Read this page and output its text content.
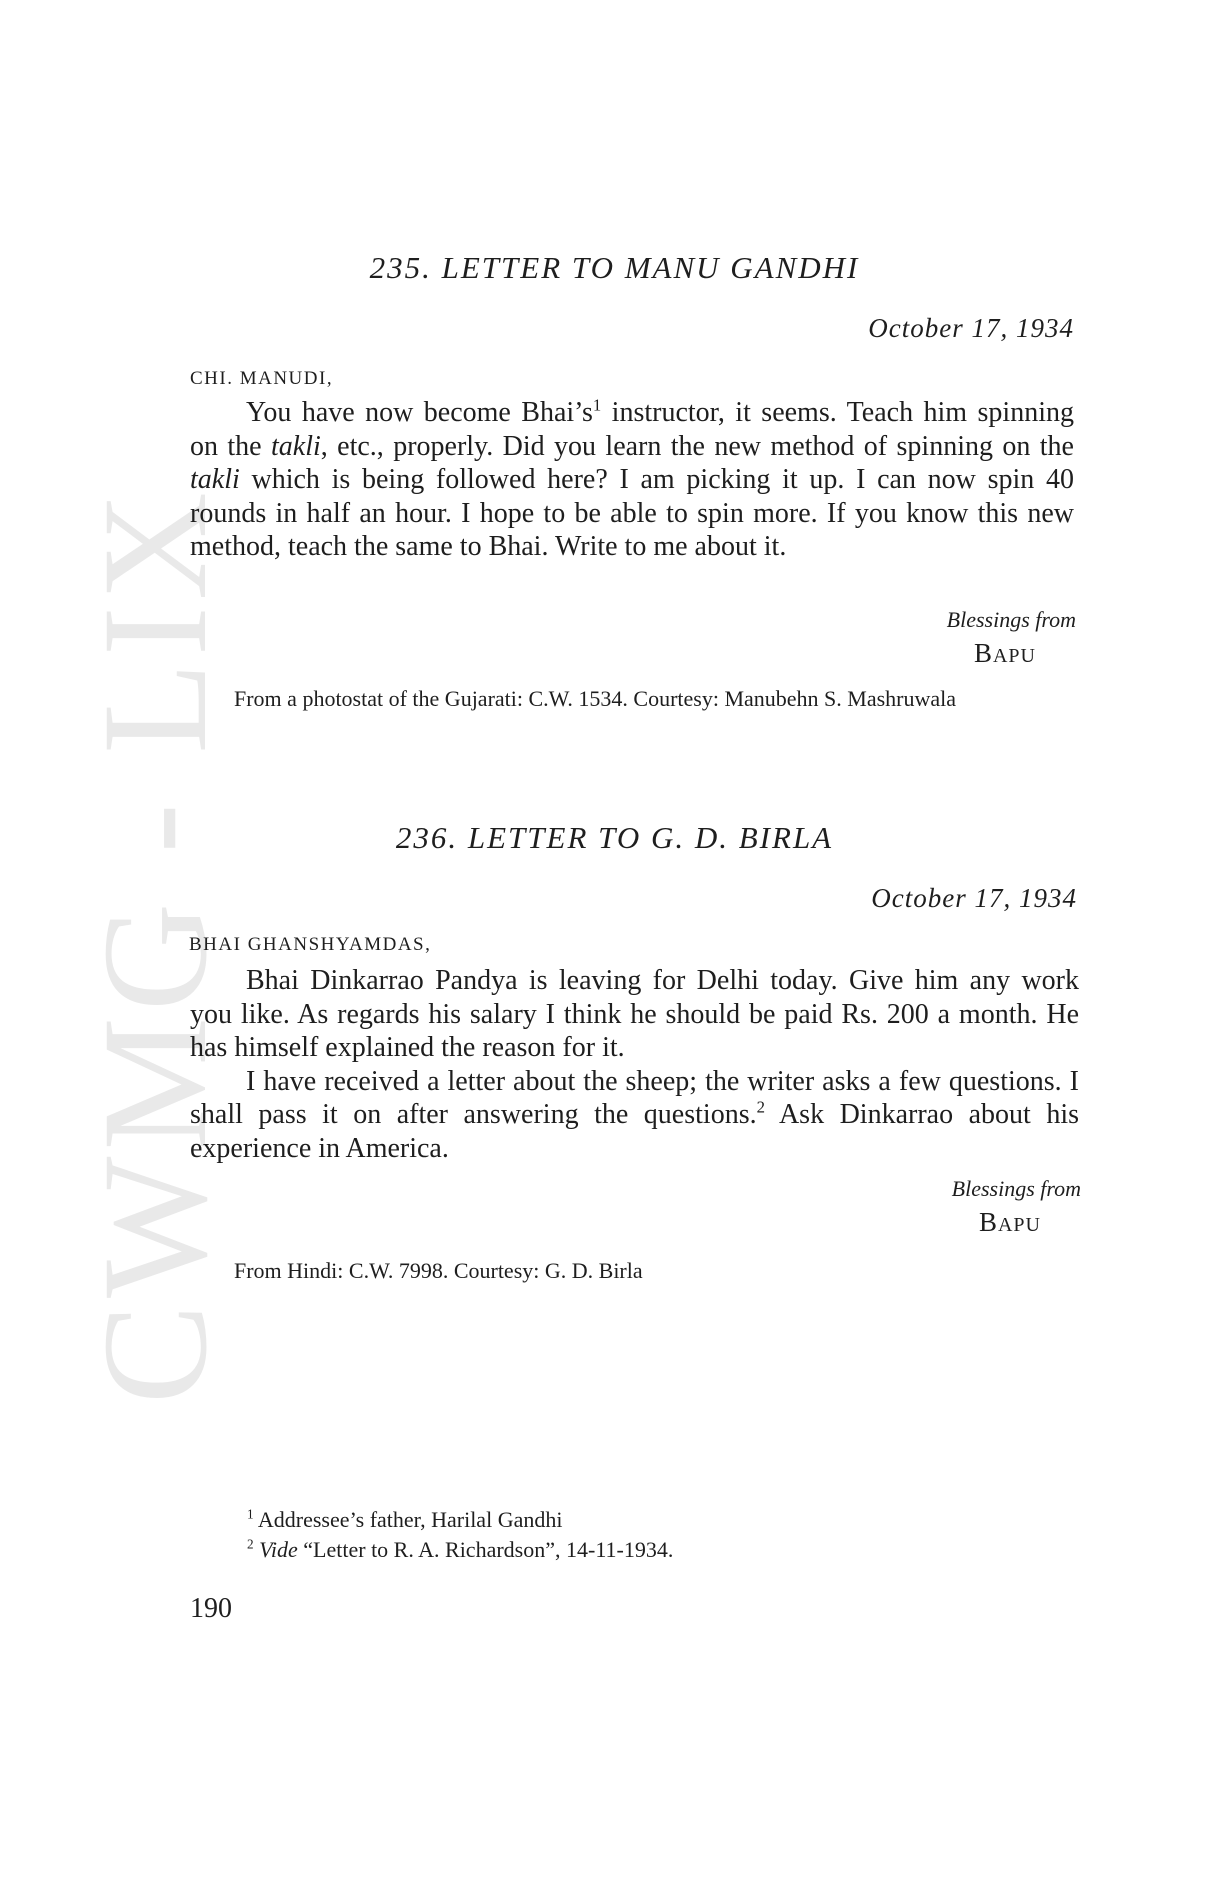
CWMG - LIX
235. LETTER TO MANU GANDHI
October 17, 1934
CHI. MANUDI,

You have now become $Bhai’s^1$ instructor, it seems. Teach him spinning on the takli, etc., properly. Did you learn the new method of spinning on the takli which is being followed here? I am picking it up. I can now spin 40 rounds in half an hour. I hope to be able to spin more. If you know this new method, teach the same to Bhai. Write to me about it.

Blessings from
BAPU

From a photostat of the Gujarati: C.W. 1534. Courtesy: Manubehn S. Mashruwala

236. LETTER TO G. D. BIRLA
October 17, 1934
BHAI GHANSHYAMDAS,

Bhai Dinkarrao Pandya is leaving for Delhi today. Give him any work you like. As regards his salary I think he should be paid Rs. 200 a month. He has himself explained the reason for it.

I have received a letter about the sheep; the writer asks a few questions. I shall pass it on after answering the questions.$^2$ Ask Dinkarrao about his experience in America.

Blessings from
BAPU

From Hindi: C.W. 7998. Courtesy: G. D. Birla

$^1$ Addressee’s father, Harilal Gandhi
$^2$ Vide “Letter to R. A. Richardson”, 14-11-1934.
190
